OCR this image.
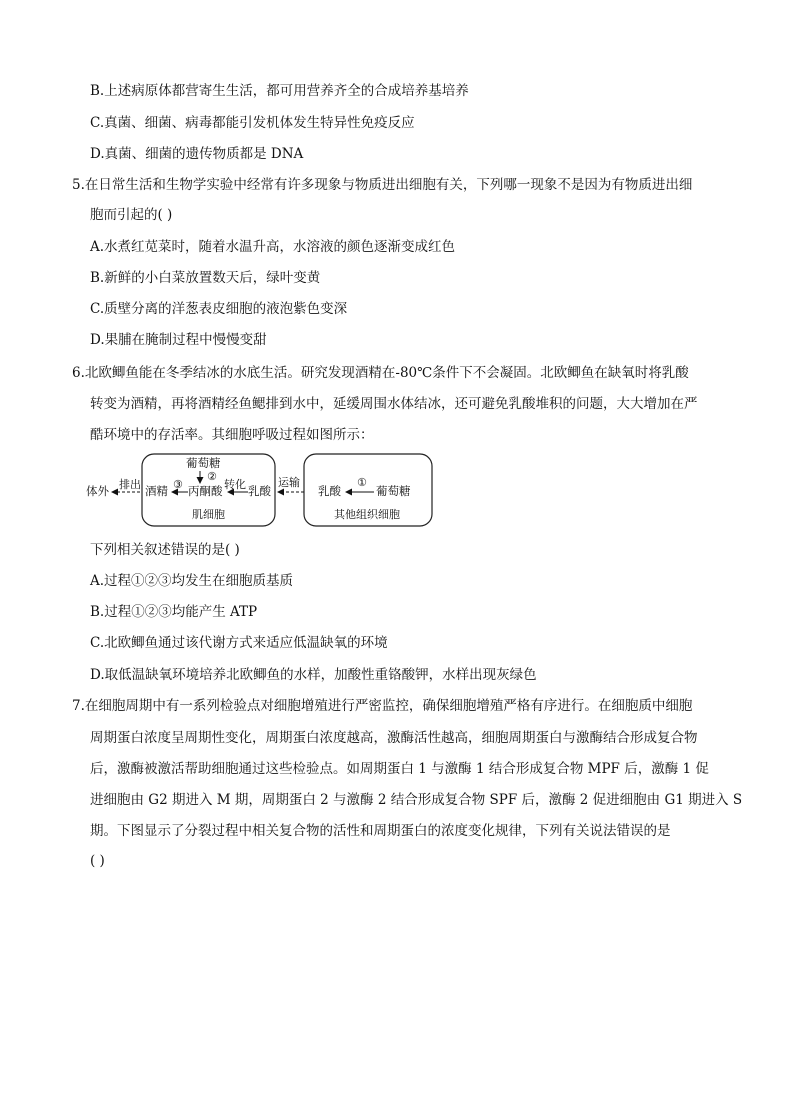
B.上述病原体都营寄生生活，都可用营养齐全的合成培养基培养
C.真菌、细菌、病毒都能引发机体发生特异性免疫反应
D.真菌、细菌的遗传物质都是 DNA
5.在日常生活和生物学实验中经常有许多现象与物质进出细胞有关，下列哪一现象不是因为有物质进出细
胞而引起的( )
A.水煮红苋菜时，随着水温升高，水溶液的颜色逐渐变成红色
B.新鲜的小白菜放置数天后，绿叶变黄
C.质壁分离的洋葱表皮细胞的液泡紫色变深
D.果脯在腌制过程中慢慢变甜
6.北欧鲫鱼能在冬季结冰的水底生活。研究发现酒精在-80℃条件下不会凝固。北欧鲫鱼在缺氧时将乳酸
转变为酒精，再将酒精经鱼鳃排到水中，延缓周围水体结冰，还可避免乳酸堆积的问题，大大增加在严
酷环境中的存活率。其细胞呼吸过程如图所示：
体外 排出 酒精 ③
葡萄糖
②
丙酮酸 转化 乳酸
肌细胞
运输
乳酸
①
葡萄糖
其他组织细胞
下列相关叙述错误的是( )
A.过程①②③均发生在细胞质基质
B.过程①②③均能产生 ATP
C.北欧鲫鱼通过该代谢方式来适应低温缺氧的环境
D.取低温缺氧环境培养北欧鲫鱼的水样，加酸性重铬酸钾，水样出现灰绿色
7.在细胞周期中有一系列检验点对细胞增殖进行严密监控，确保细胞增殖严格有序进行。在细胞质中细胞
周期蛋白浓度呈周期性变化，周期蛋白浓度越高，激酶活性越高，细胞周期蛋白与激酶结合形成复合物
后，激酶被激活帮助细胞通过这些检验点。如周期蛋白 1 与激酶 1 结合形成复合物 MPF 后，激酶 1 促
进细胞由 G2 期进入 M 期，周期蛋白 2 与激酶 2 结合形成复合物 SPF 后，激酶 2 促进细胞由 G1 期进入 S
期。下图显示了分裂过程中相关复合物的活性和周期蛋白的浓度变化规律，下列有关说法错误的是
( )
